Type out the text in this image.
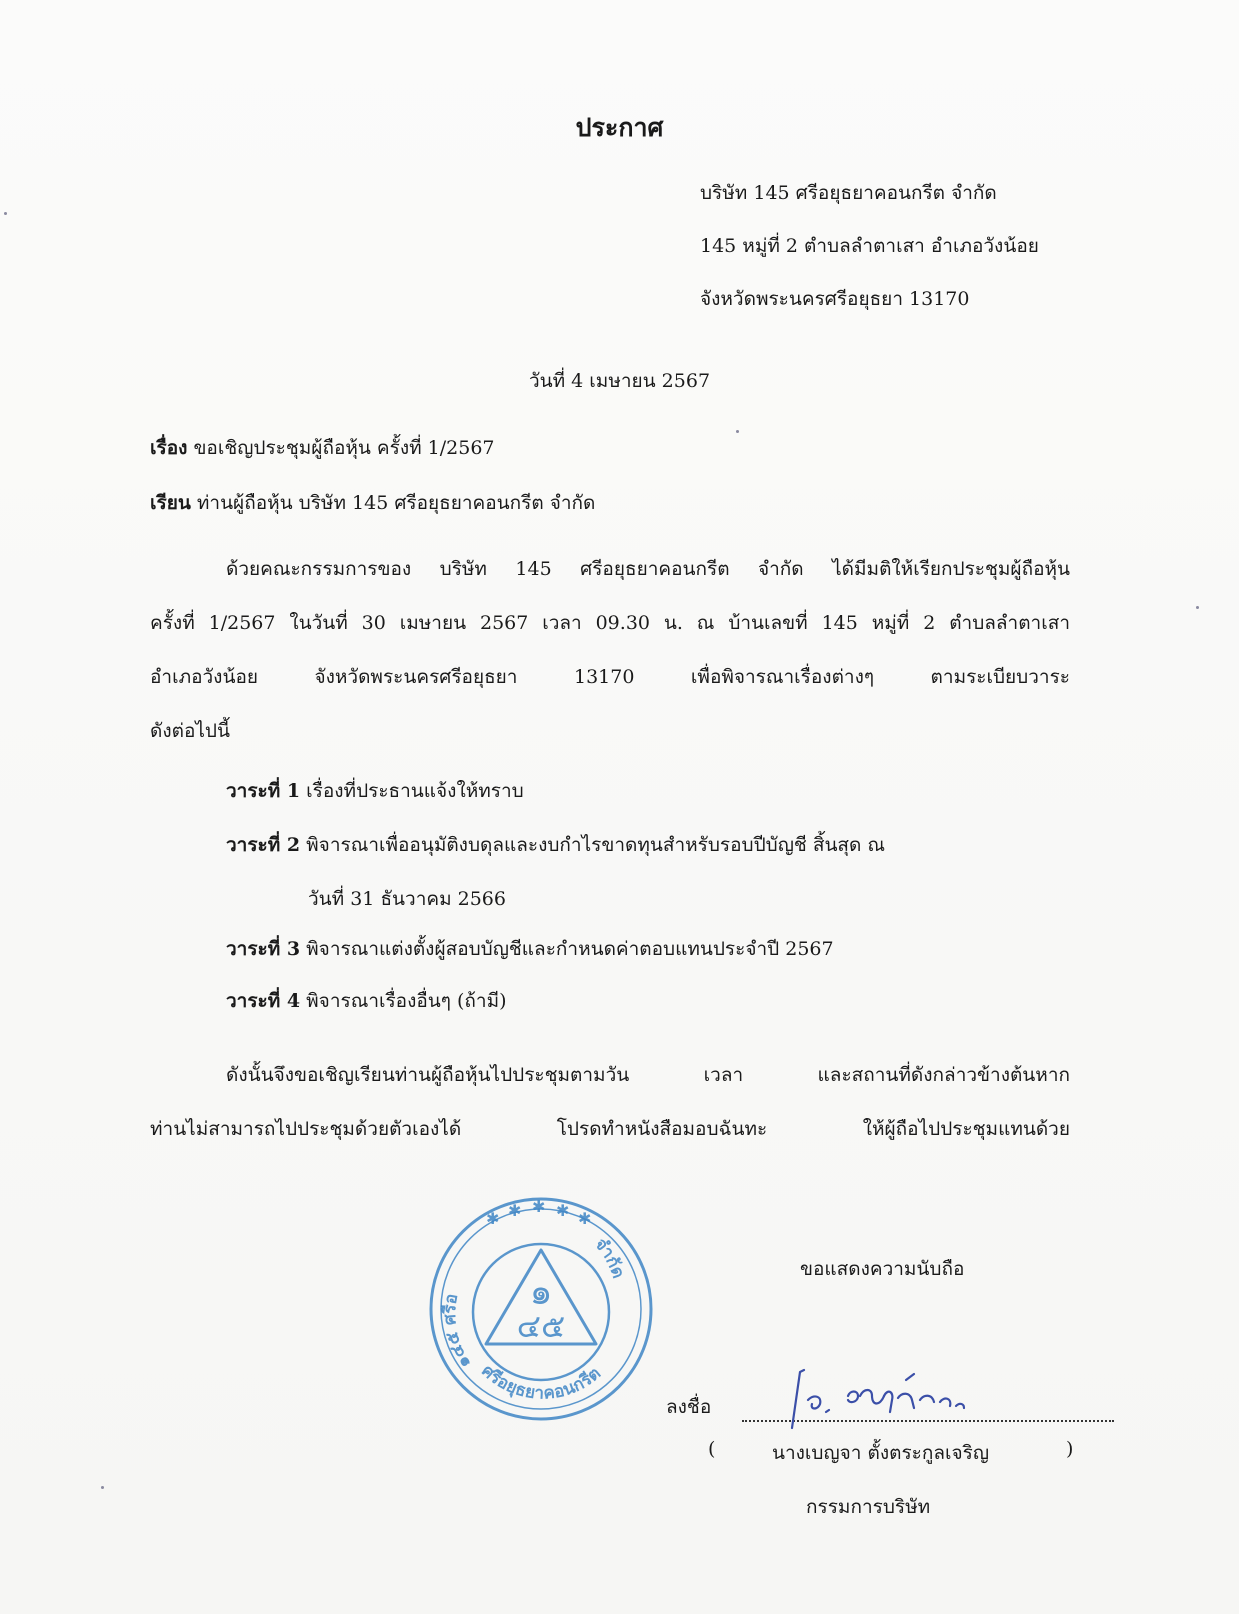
ประกาศ
บริษัท 145 ศรีอยุธยาคอนกรีต จำกัด
145 หมู่ที่ 2 ตำบลลำตาเสา อำเภอวังน้อย
จังหวัดพระนครศรีอยุธยา 13170
วันที่ 4 เมษายน 2567
เรื่อง ขอเชิญประชุมผู้ถือหุ้น ครั้งที่ 1/2567
เรียน ท่านผู้ถือหุ้น บริษัท 145 ศรีอยุธยาคอนกรีต จำกัด
ด้วยคณะกรรมการของ บริษัท 145 ศรีอยุธยาคอนกรีต จำกัด ได้มีมติให้เรียกประชุมผู้ถือหุ้น
ครั้งที่ 1/2567 ในวันที่ 30 เมษายน 2567 เวลา 09.30 น. ณ บ้านเลขที่ 145 หมู่ที่ 2 ตำบลลำตาเสา
อำเภอวังน้อย จังหวัดพระนครศรีอยุธยา 13170 เพื่อพิจารณาเรื่องต่างๆ ตามระเบียบวาระ
ดังต่อไปนี้
วาระที่ 1 เรื่องที่ประธานแจ้งให้ทราบ
วาระที่ 2 พิจารณาเพื่ออนุมัติงบดุลและงบกำไรขาดทุนสำหรับรอบปีบัญชี สิ้นสุด ณ
วันที่ 31 ธันวาคม 2566
วาระที่ 3 พิจารณาแต่งตั้งผู้สอบบัญชีและกำหนดค่าตอบแทนประจำปี 2567
วาระที่ 4 พิจารณาเรื่องอื่นๆ (ถ้ามี)
ดังนั้นจึงขอเชิญเรียนท่านผู้ถือหุ้นไปประชุมตามวัน เวลา และสถานที่ดังกล่าวข้างต้นหาก
ท่านไม่สามารถไปประชุมด้วยตัวเองได้ โปรดทำหนังสือมอบฉันทะ ให้ผู้ถือไปประชุมแทนด้วย
✱ ✱ ✱ ✱ ✱
๑
๔๕
๑๔๕ ศรีอ
ศรีอยุธยาคอนกรีต
จำกัด	ขอแสดงความนับถือ
ลงชื่อ
(	นางเบญจา ตั้งตระกูลเจริญ	)
กรรมการบริษัท
